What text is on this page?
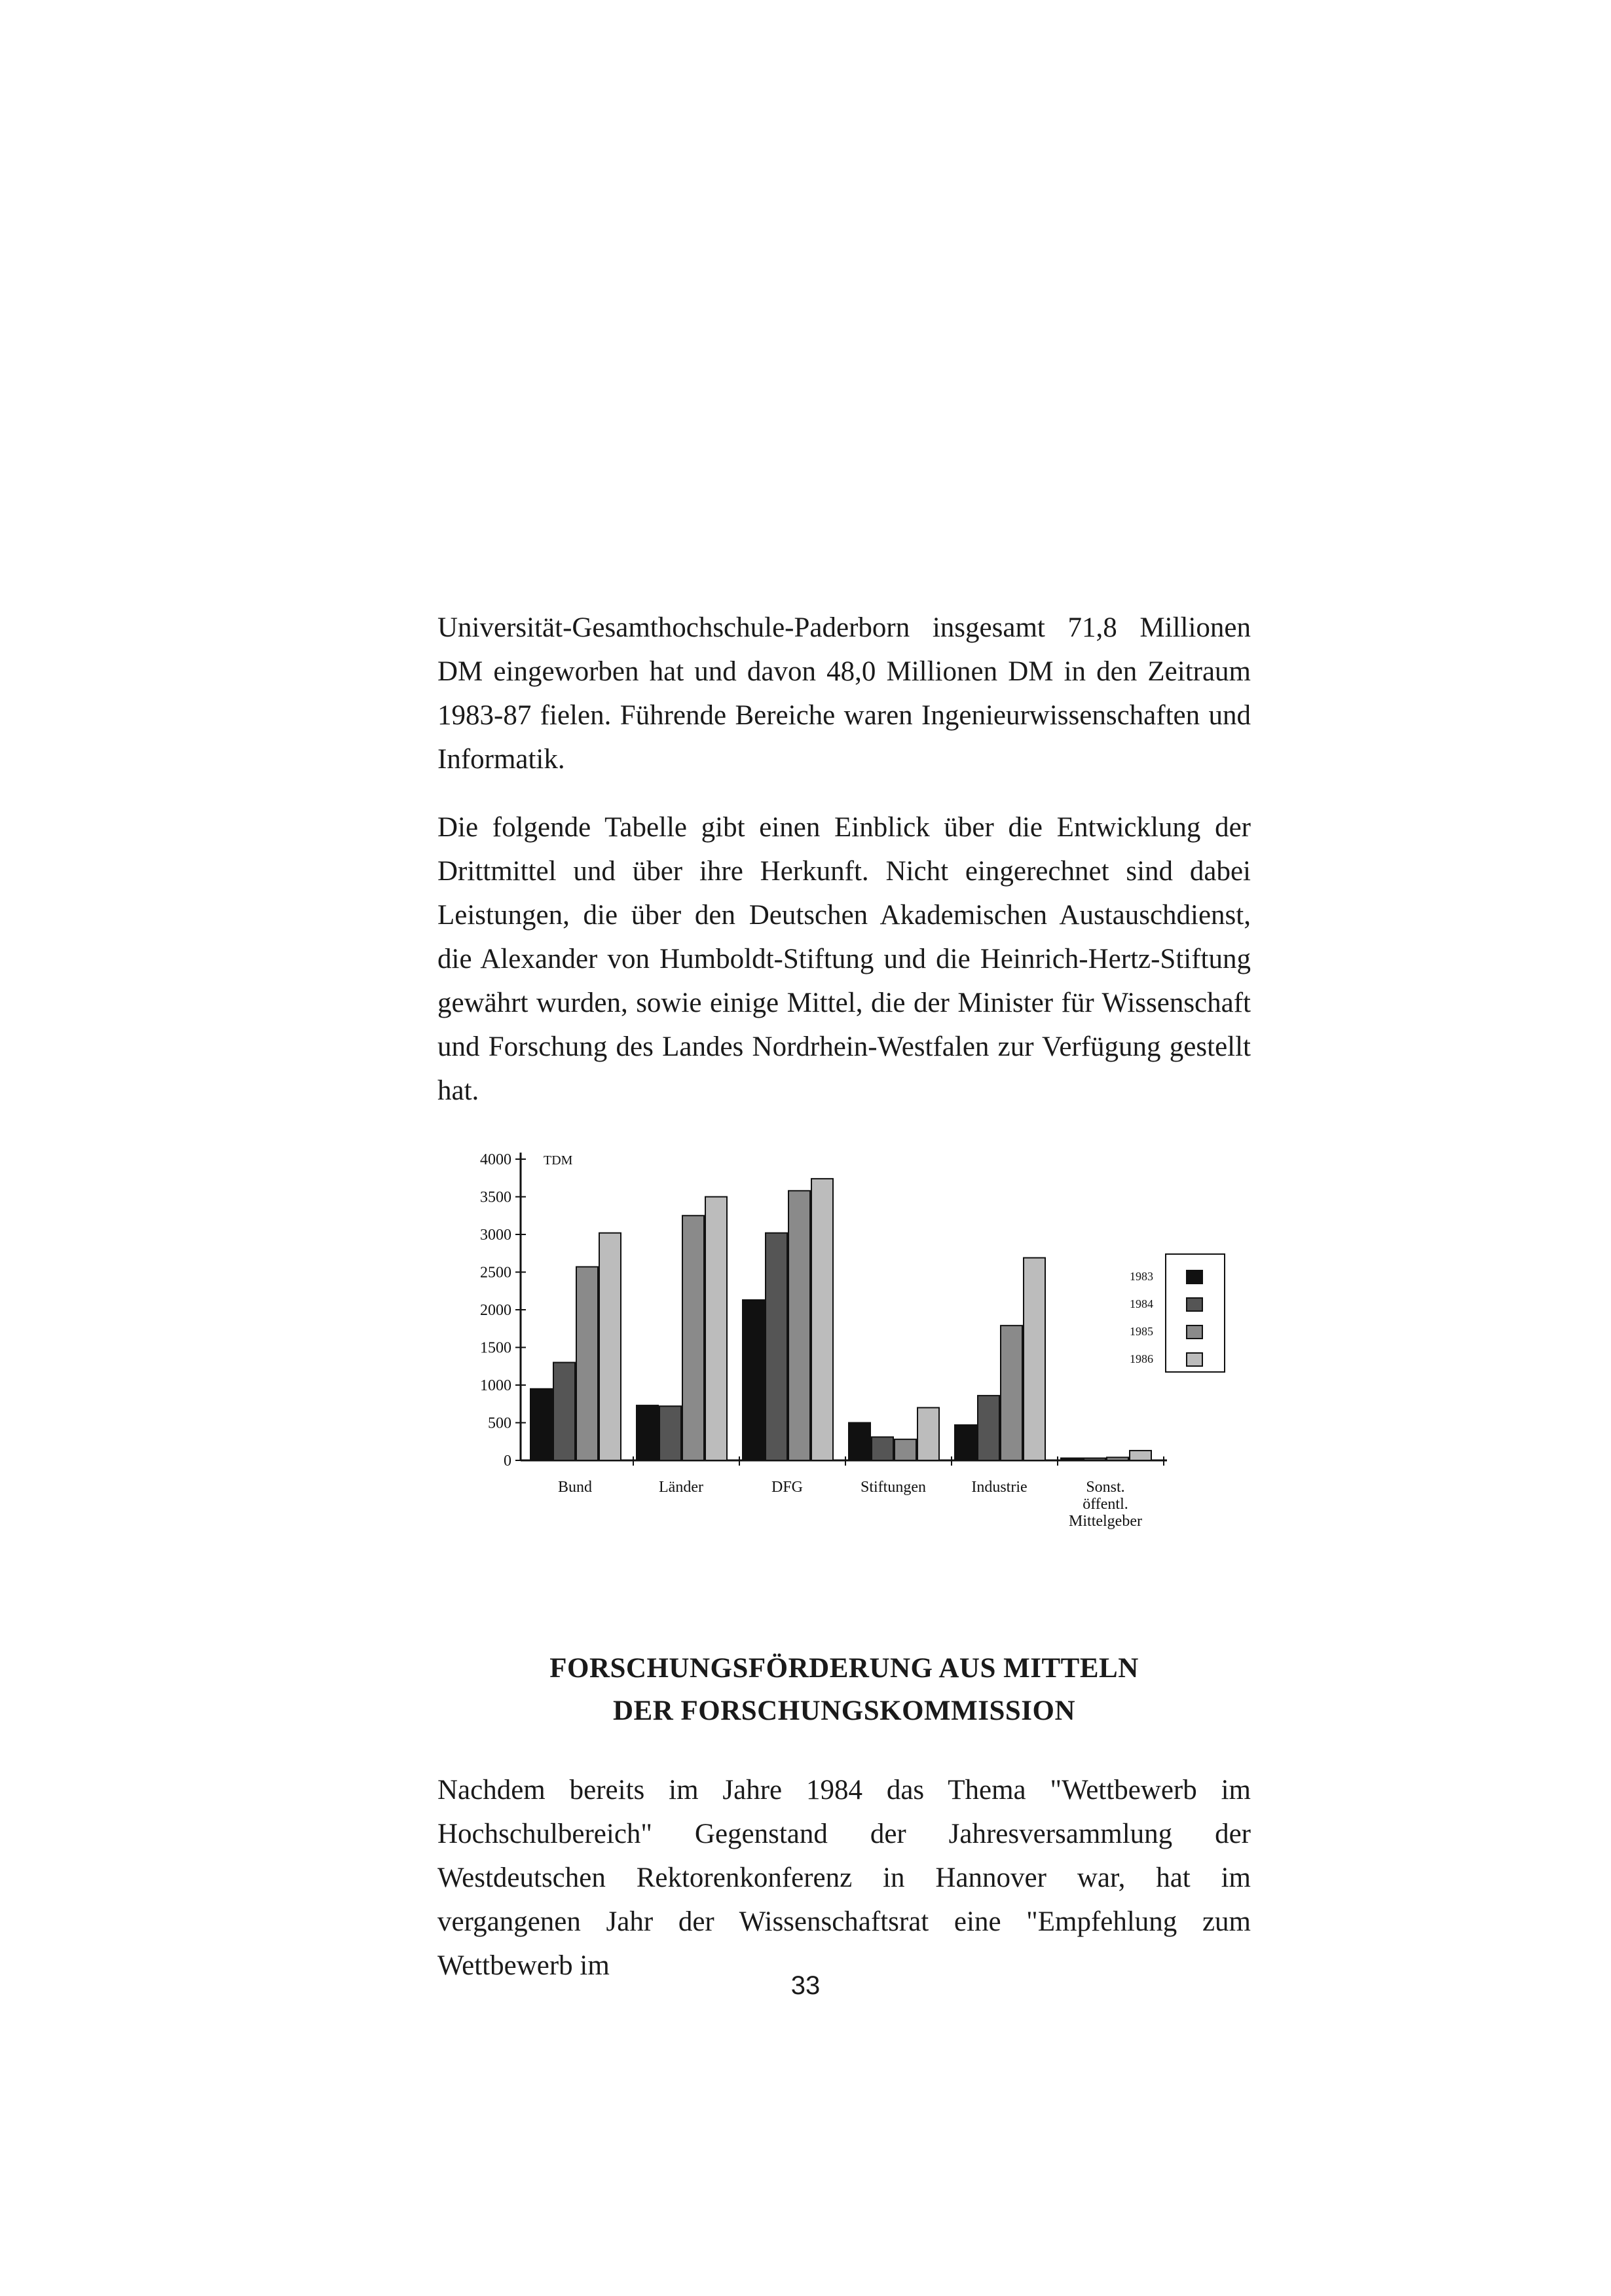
Universität-Gesamthochschule-Paderborn insgesamt 71,8 Millionen DM eingeworben hat und davon 48,0 Millionen DM in den Zeitraum 1983-87 fielen. Führende Bereiche waren Ingenieurwissenschaften und Informatik.

Die folgende Tabelle gibt einen Einblick über die Entwicklung der Drittmittel und über ihre Herkunft. Nicht eingerechnet sind dabei Leistungen, die über den Deutschen Akademischen Austauschdienst, die Alexander von Humboldt-Stiftung und die Heinrich-Hertz-Stiftung gewährt wurden, sowie einige Mittel, die der Minister für Wissenschaft und Forschung des Landes Nordrhein-Westfalen zur Verfügung gestellt hat.

0
500
1000
1500
2000
2500
3000
3500
4000 TDM
Bund	Länder	DFG	Stiftungen	Industrie	Sonst.
öffentl.
Mittelgeber
1983
1984
1985
1986
FORSCHUNGSFÖRDERUNG AUS MITTELN
DER FORSCHUNGSKOMMISSION

Nachdem bereits im Jahre 1984 das Thema "Wettbewerb im Hochschulbereich" Gegenstand der Jahresversammlung der Westdeutschen Rektorenkonferenz in Hannover war, hat im vergangenen Jahr der Wissenschaftsrat eine "Empfehlung zum Wettbewerb im

33
